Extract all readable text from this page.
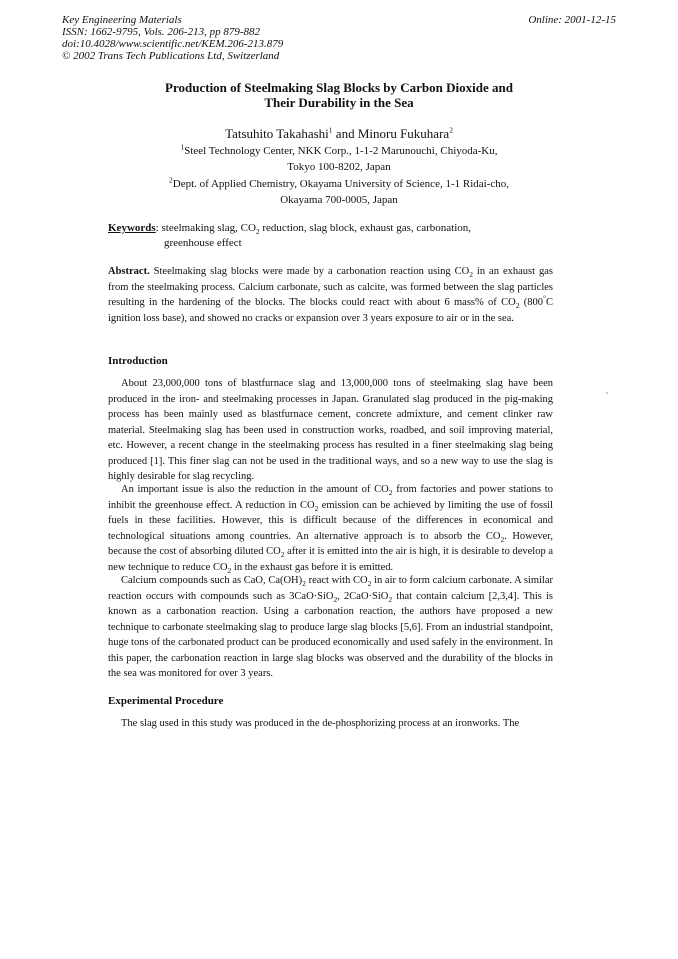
Key Engineering Materials
ISSN: 1662-9795, Vols. 206-213, pp 879-882
doi:10.4028/www.scientific.net/KEM.206-213.879
© 2002 Trans Tech Publications Ltd, Switzerland
Online: 2001-12-15
Production of Steelmaking Slag Blocks by Carbon Dioxide and
Their Durability in the Sea
Tatsuhito Takahashi$^1$ and Minoru Fukuhara$^2$
$^1$Steel Technology Center, NKK Corp., 1-1-2 Marunouchi, Chiyoda-Ku,
Tokyo 100-8202, Japan
$^2$Dept. of Applied Chemistry, Okayama University of Science, 1-1 Ridai-cho,
Okayama 700-0005, Japan
Keywords: steelmaking slag, $CO_2$ reduction, slag block, exhaust gas, carbonation,
greenhouse effect
Abstract. Steelmaking slag blocks were made by a carbonation reaction using $CO_2$ in an exhaust gas from the steelmaking process. Calcium carbonate, such as calcite, was formed between the slag particles resulting in the hardening of the blocks. The blocks could react with about 6 mass% of $CO_2$ (800°C ignition loss base), and showed no cracks or expansion over 3 years exposure to air or in the sea.
Introduction
About 23,000,000 tons of blastfurnace slag and 13,000,000 tons of steelmaking slag have been produced in the iron- and steelmaking processes in Japan. Granulated slag produced in the pig-making process has been mainly used as blastfurnace cement, concrete admixture, and cement clinker raw material. Steelmaking slag has been used in construction works, roadbed, and soil improving material, etc. However, a recent change in the steelmaking process has resulted in a finer steelmaking slag being produced [1]. This finer slag can not be used in the traditional ways, and so a new way to use the slag is highly desirable for slag recycling.
An important issue is also the reduction in the amount of $CO_2$ from factories and power stations to inhibit the greenhouse effect. A reduction in $CO_2$ emission can be achieved by limiting the use of fossil fuels in these facilities. However, this is difficult because of the differences in economical and technological situations among countries. An alternative approach is to absorb the $CO_2$. However, because the cost of absorbing diluted $CO_2$ after it is emitted into the air is high, it is desirable to develop a new technique to reduce $CO_2$ in the exhaust gas before it is emitted.
Calcium compounds such as CaO, $Ca(OH)_2$ react with $CO_2$ in air to form calcium carbonate. A similar reaction occurs with compounds such as 3CaO·SiO$_2$, 2CaO·SiO$_2$ that contain calcium [2,3,4]. This is known as a carbonation reaction. Using a carbonation reaction, the authors have proposed a new technique to carbonate steelmaking slag to produce large slag blocks [5,6]. From an industrial standpoint, huge tons of the carbonated product can be produced economically and used safely in the environment. In this paper, the carbonation reaction in large slag blocks was observed and the durability of the blocks in the sea was monitored for over 3 years.
Experimental Procedure
The slag used in this study was produced in the de-phosphorizing process at an ironworks. The
